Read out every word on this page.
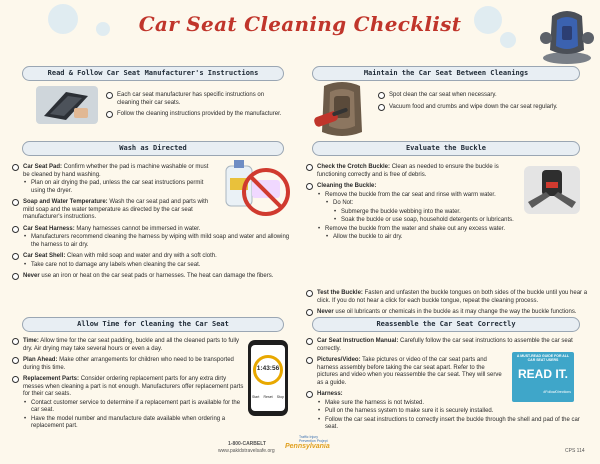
Car Seat Cleaning Checklist
Read & Follow Car Seat Manufacturer's Instructions	Maintain the Car Seat Between Cleanings
Each car seat manufacturer has specific instructions on cleaning their car seats.
Follow the cleaning instructions provided by the manufacturer.
Spot clean the car seat when necessary.
Vacuum food and crumbs and wipe down the car seat regularly.
Wash as Directed	Evaluate the Buckle
Car Seat Pad: Confirm whether the pad is machine washable or must be cleaned by hand washing.
• Plan on air drying the pad, unless the car seat instructions permit using the dryer.
Soap and Water Temperature: Wash the car seat pad and parts with mild soap and the water temperature as directed by the car seat manufacturer's instructions.
Car Seat Harness: Many harnesses cannot be immersed in water.
• Manufacturers recommend cleaning the harness by wiping with mild soap and water and allowing the harness to air dry.
Car Seat Shell: Clean with mild soap and water and dry with a soft cloth.
• Take care not to damage any labels when cleaning the car seat.
Never use an iron or heat on the car seat pads or harnesses. The heat can damage the fibers.
Check the Crotch Buckle: Clean as needed to ensure the buckle is functioning correctly and is free of debris.
Cleaning the Buckle:
• Remove the buckle from the car seat and rinse with warm water.
• Do Not:
• Submerge the buckle webbing into the water.
• Soak the buckle or use soap, household detergents or lubricants.
• Remove the buckle from the water and shake out any excess water.
• Allow the buckle to air dry.
Test the Buckle: Fasten and unfasten the buckle tongues on both sides of the buckle until you hear a click. If you do not hear a click for each buckle tongue, repeat the cleaning process.
Never use oil lubricants or chemicals in the buckle as it may change the way the buckle functions.
Allow Time for Cleaning the Car Seat	Reassemble the Car Seat Correctly
Time: Allow time for the car seat padding, buckle and all the cleaned parts to fully dry. Air drying may take several hours or even a day.
Plan Ahead: Make other arrangements for children who need to be transported during this time.
Replacement Parts: Consider ordering replacement parts for any extra dirty messes when cleaning a part is not enough. Manufacturers offer replacement parts for their car seats.
• Contact customer service to determine if a replacement part is available for the car seat.
• Have the model number and manufacture date available when ordering a replacement part.
1:43:56
Start Reset Stop
Car Seat Instruction Manual: Carefully follow the car seat instructions to assemble the car seat correctly.
Pictures/Video: Take pictures or video of the car seat parts and harness assembly before taking the car seat apart. Refer to the pictures and video when you reassemble the car seat. They will serve as a guide.
Harness:
• Make sure the harness is not twisted.
• Pull on the harness system to make sure it is securely installed.
• Follow the car seat instructions to correctly insert the buckle through the shell and pad of the car seat.
A MUST-READ GUIDE FOR ALL CAR SEAT USERS
READ IT.
#FollowDirections
1-800-CARBELT
www.pakidstravelsafe.org
Traffic Injury
Prevention Project
Pennsylvania
CPS 114
